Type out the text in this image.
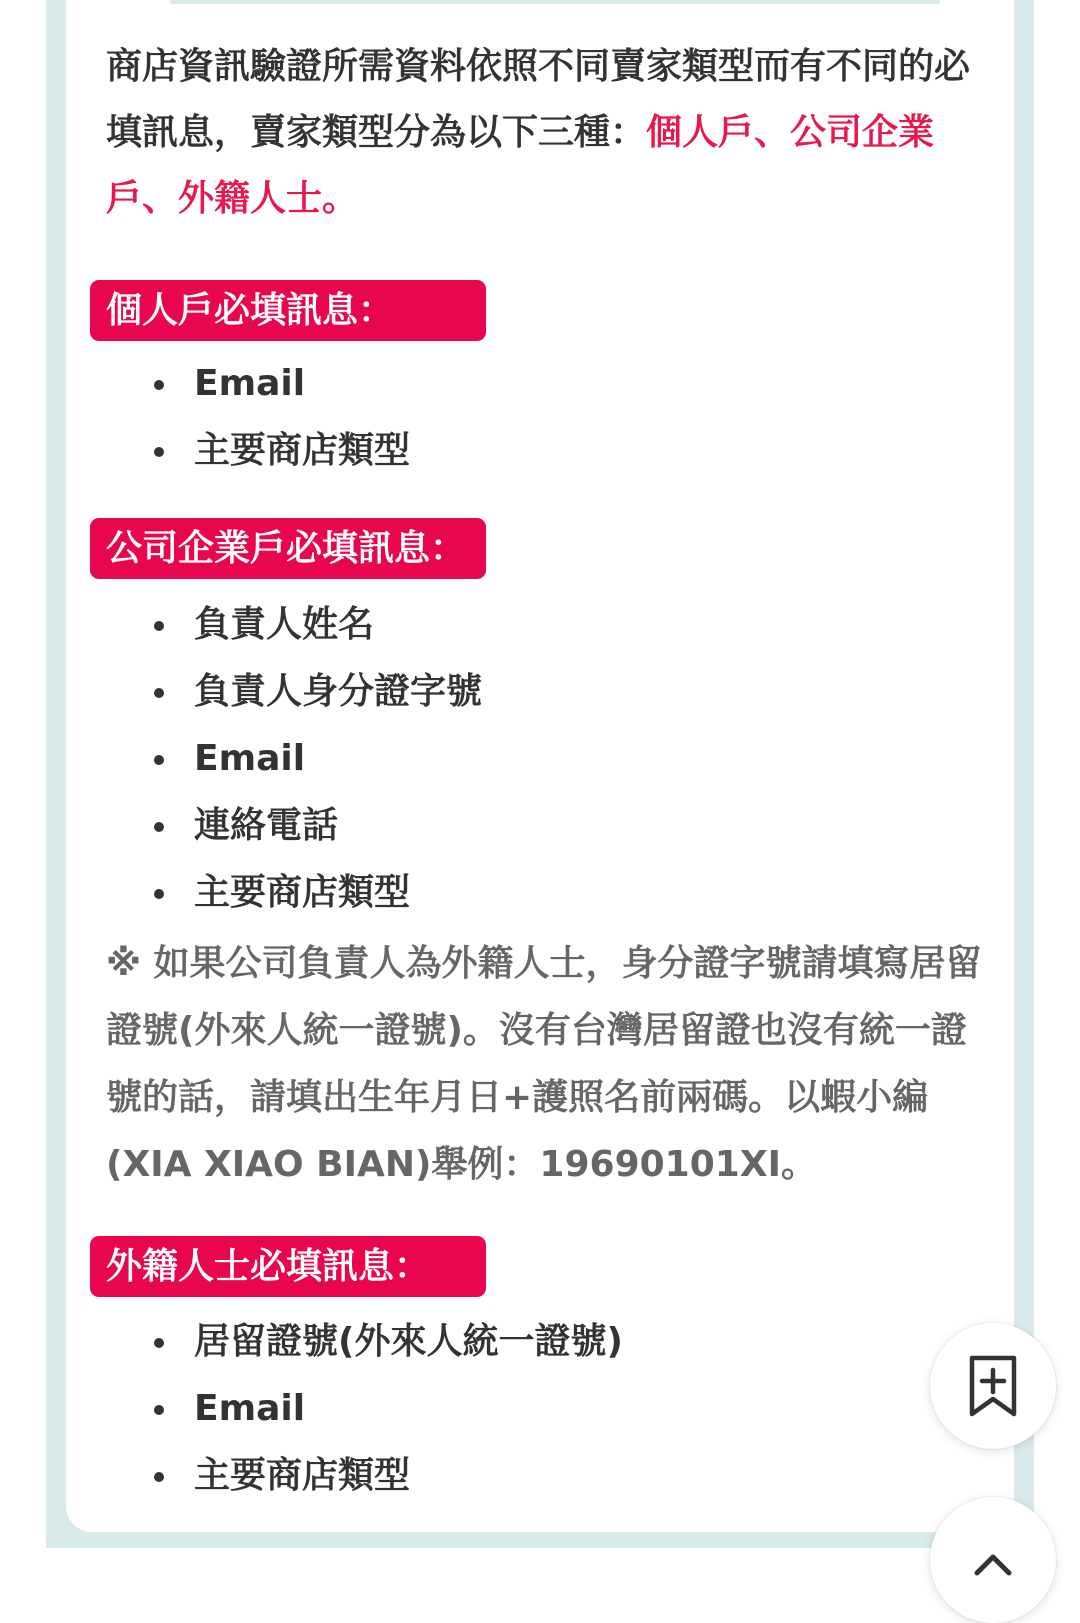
商店資訊驗證所需資料依照不同賣家類型而有不同的必填訊息，賣家類型分為以下三種：個人戶、公司企業戶、外籍人士。

個人戶必填訊息：
Email
主要商店類型
公司企業戶必填訊息：
負責人姓名
負責人身分證字號
Email
連絡電話
主要商店類型

※ 如果公司負責人為外籍人士，身分證字號請填寫居留證號(外來人統一證號)。沒有台灣居留證也沒有統一證號的話，請填出生年月日+護照名前兩碼。以蝦小編(XIA XIAO BIAN)舉例：19690101XI。

外籍人士必填訊息：
居留證號(外來人統一證號)
Email
主要商店類型
